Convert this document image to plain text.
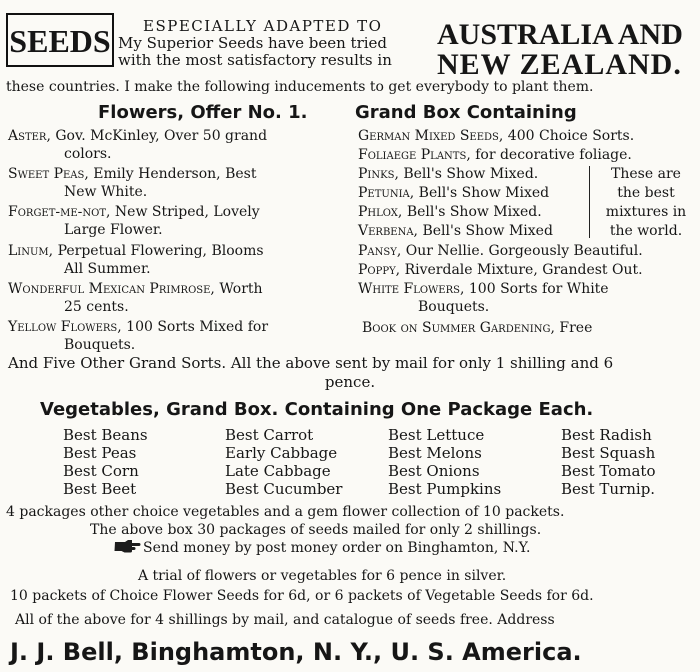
SEEDS ESPECIALLY ADAPTED TO
My Superior Seeds have been tried
with the most satisfactory results in
AUSTRALIA AND
NEW ZEALAND.
these countries. I make the following inducements to get everybody to plant them.
Flowers, Offer No. 1.	Grand Box Containing
Aster, Gov. McKinley, Over 50 grand
colors.
Sweet Peas, Emily Henderson, Best
New White.
Forget-me-not, New Striped, Lovely
Large Flower.
Linum, Perpetual Flowering, Blooms
All Summer.
Wonderful Mexican Primrose, Worth
25 cents.
Yellow Flowers, 100 Sorts Mixed for
Bouquets.
German Mixed Seeds, 400 Choice Sorts.
Foliaege Plants, for decorative foliage.
Pinks, Bell's Show Mixed.
Petunia, Bell's Show Mixed
Phlox, Bell's Show Mixed.
Verbena, Bell's Show Mixed
These are
the best
mixtures in
the world.
Pansy, Our Nellie. Gorgeously Beautiful.
Poppy, Riverdale Mixture, Grandest Out.
White Flowers, 100 Sorts for White
Bouquets.
Book on Summer Gardening, Free
And Five Other Grand Sorts. All the above sent by mail for only 1 shilling and 6
pence.
Vegetables, Grand Box. Containing One Package Each.
Best Beans
Best Peas
Best Corn
Best Beet
Best Carrot
Early Cabbage
Late Cabbage
Best Cucumber
Best Lettuce
Best Melons
Best Onions
Best Pumpkins
Best Radish
Best Squash
Best Tomato
Best Turnip.
4 packages other choice vegetables and a gem flower collection of 10 packets.
The above box 30 packages of seeds mailed for only 2 shillings.
Send money by post money order on Binghamton, N.Y.
A trial of flowers or vegetables for 6 pence in silver.
10 packets of Choice Flower Seeds for 6d, or 6 packets of Vegetable Seeds for 6d.
All of the above for 4 shillings by mail, and catalogue of seeds free. Address
J. J. Bell, Binghamton, N. Y., U. S. America.
